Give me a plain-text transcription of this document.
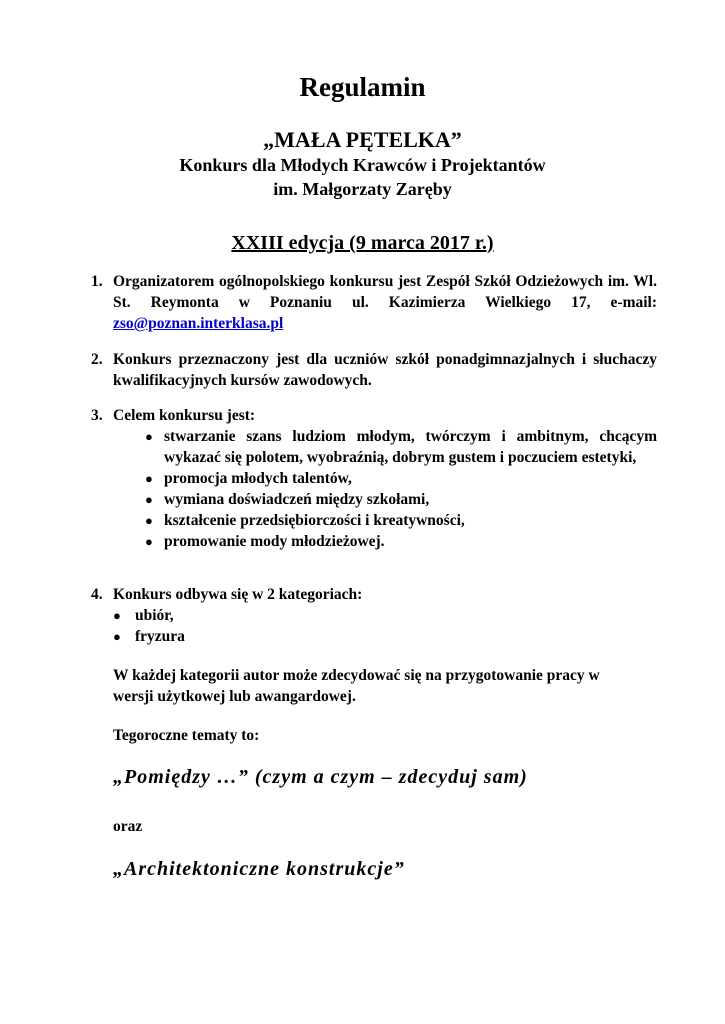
Regulamin
„MAŁA PĘTELKA”
Konkurs dla Młodych Krawców i Projektantów
im. Małgorzaty Zaręby
XXIII edycja (9 marca 2017 r.)
1. Organizatorem ogólnopolskiego konkursu jest Zespół Szkół Odzieżowych im. Wl. St. Reymonta w Poznaniu ul. Kazimierza Wielkiego 17, e-mail: zso@poznan.interklasa.pl
2. Konkurs przeznaczony jest dla uczniów szkół ponadgimnazjalnych i słuchaczy kwalifikacyjnych kursów zawodowych.
3. Celem konkursu jest:
● stwarzanie szans ludziom młodym, twórczym i ambitnym, chcącym wykazać się polotem, wyobraźnią, dobrym gustem i poczuciem estetyki,
● promocja młodych talentów,
● wymiana doświadczeń między szkołami,
● kształcenie przedsiębiorczości i kreatywności,
● promowanie mody młodzieżowej.
4. Konkurs odbywa się w 2 kategoriach:
● ubiór,
● fryzura
W każdej kategorii autor może zdecydować się na przygotowanie pracy w wersji użytkowej lub awangardowej.
Tegoroczne tematy to:
„Pomiędzy …” (czym a czym – zdecyduj sam)
oraz
„Architektoniczne konstrukcje”
